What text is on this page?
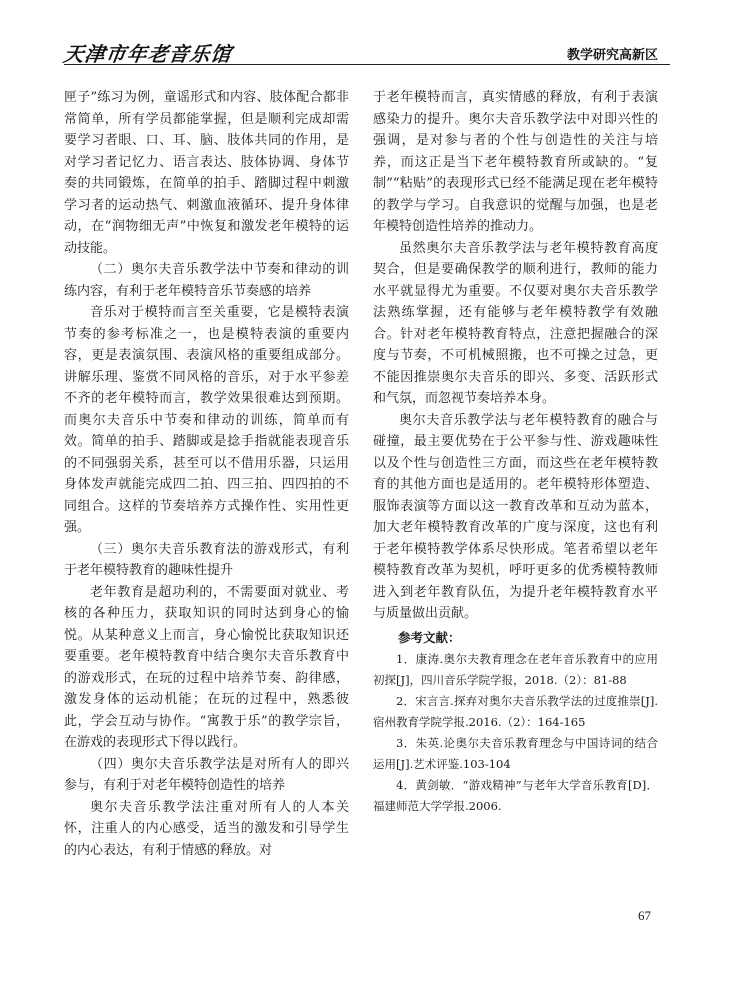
天津市年老音乐馆	教学研究高新区

匣子”练习为例，童谣形式和内容、肢体配合都非常简单，所有学员都能掌握，但是顺利完成却需要学习者眼、口、耳、脑、肢体共同的作用，是对学习者记忆力、语言表达、肢体协调、身体节奏的共同锻炼，在简单的拍手、踏脚过程中刺激学习者的运动热气、刺激血液循环、提升身体律动，在“润物细无声”中恢复和激发老年模特的运动技能。

（二）奥尔夫音乐教学法中节奏和律动的训练内容，有利于老年模特音乐节奏感的培养

音乐对于模特而言至关重要，它是模特表演节奏的参考标准之一，也是模特表演的重要内容，更是表演氛围、表演风格的重要组成部分。讲解乐理、鉴赏不同风格的音乐，对于水平参差不齐的老年模特而言，教学效果很难达到预期。而奥尔夫音乐中节奏和律动的训练，简单而有效。简单的拍手、踏脚或是捻手指就能表现音乐的不同强弱关系，甚至可以不借用乐器，只运用身体发声就能完成四二拍、四三拍、四四拍的不同组合。这样的节奏培养方式操作性、实用性更强。

（三）奥尔夫音乐教育法的游戏形式，有利于老年模特教育的趣味性提升

老年教育是超功利的，不需要面对就业、考核的各种压力，获取知识的同时达到身心的愉悦。从某种意义上而言，身心愉悦比获取知识还要重要。老年模特教育中结合奥尔夫音乐教育中的游戏形式，在玩的过程中培养节奏、韵律感，激发身体的运动机能；在玩的过程中，熟悉彼此，学会互动与协作。“寓教于乐”的教学宗旨，在游戏的表现形式下得以践行。

（四）奥尔夫音乐教学法是对所有人的即兴参与，有利于对老年模特创造性的培养

奥尔夫音乐教学法注重对所有人的人本关怀，注重人的内心感受，适当的激发和引导学生的内心表达，有利于情感的释放。对

于老年模特而言，真实情感的释放，有利于表演感染力的提升。奥尔夫音乐教学法中对即兴性的强调，是对参与者的个性与创造性的关注与培养，而这正是当下老年模特教育所或缺的。“复制”“粘贴”的表现形式已经不能满足现在老年模特的教学与学习。自我意识的觉醒与加强，也是老年模特创造性培养的推动力。

虽然奥尔夫音乐教学法与老年模特教育高度契合，但是要确保教学的顺利进行，教师的能力水平就显得尤为重要。不仅要对奥尔夫音乐教学法熟练掌握，还有能够与老年模特教学有效融合。针对老年模特教育特点，注意把握融合的深度与节奏，不可机械照搬，也不可操之过急，更不能因推崇奥尔夫音乐的即兴、多变、活跃形式和气氛，而忽视节奏培养本身。

奥尔夫音乐教学法与老年模特教育的融合与碰撞，最主要优势在于公平参与性、游戏趣味性以及个性与创造性三方面，而这些在老年模特教育的其他方面也是适用的。老年模特形体塑造、服饰表演等方面以这一教育改革和互动为蓝本，加大老年模特教育改革的广度与深度，这也有利于老年模特教学体系尽快形成。笔者希望以老年模特教育改革为契机，呼吁更多的优秀模特教师进入到老年教育队伍，为提升老年模特教育水平与质量做出贡献。

参考文献：

1．康涛.奥尔夫教育理念在老年音乐教育中的应用初探[J]，四川音乐学院学报，2018.（2）：81-88

2．宋言言.探弃对奥尔夫音乐教学法的过度推崇[J].宿州教育学院学报.2016.（2）：164-165

3．朱英.论奥尔夫音乐教育理念与中国诗词的结合运用[J].艺术评鉴.103-104

4．黄剑敏．“游戏精神”与老年大学音乐教育[D]．福建师范大学学报.2006.

67
